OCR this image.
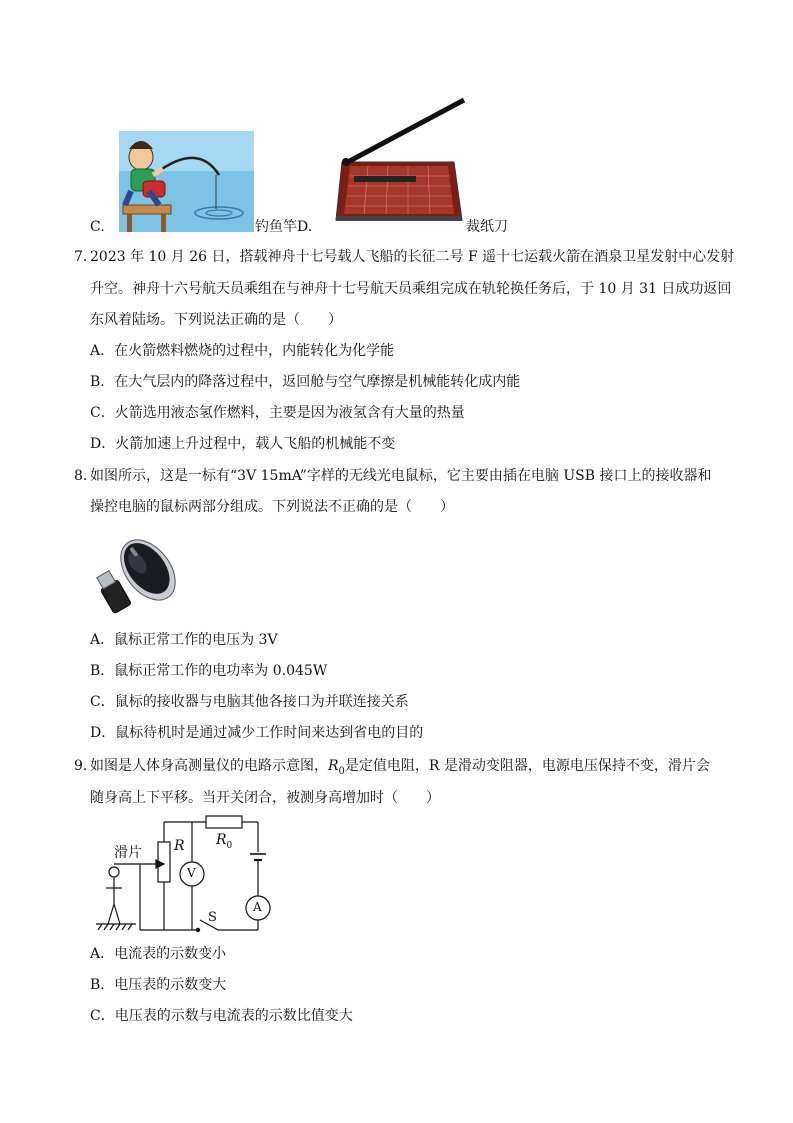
C.	钓鱼竿D.	裁纸刀
7. 2023 年 10 月 26 日，搭载神舟十七号载人飞船的长征二号 F 遥十七运载火箭在酒泉卫星发射中心发射
升空。神舟十六号航天员乘组在与神舟十七号航天员乘组完成在轨轮换任务后，于 10 月 31 日成功返回
东风着陆场。下列说法正确的是（　　）
A．在火箭燃料燃烧的过程中，内能转化为化学能
B．在大气层内的降落过程中，返回舱与空气摩擦是机械能转化成内能
C．火箭选用液态氢作燃料，主要是因为液氢含有大量的热量
D．火箭加速上升过程中，载人飞船的机械能不变
8. 如图所示，这是一标有“3V 15mA”字样的无线光电鼠标，它主要由插在电脑 USB 接口上的接收器和
操控电脑的鼠标两部分组成。下列说法不正确的是（　　）
A．鼠标正常工作的电压为 3V
B．鼠标正常工作的电功率为 0.045W
C．鼠标的接收器与电脑其他各接口为并联连接关系
D．鼠标待机时是通过减少工作时间来达到省电的目的
9. 如图是人体身高测量仪的电路示意图，$R_0$是定值电阻，R 是滑动变阻器，电源电压保持不变，滑片会
随身高上下平移。当开关闭合，被测身高增加时（　　）
滑片 R $R_0$
V
A
S
A．电流表的示数变小
B．电压表的示数变大
C．电压表的示数与电流表的示数比值变大
